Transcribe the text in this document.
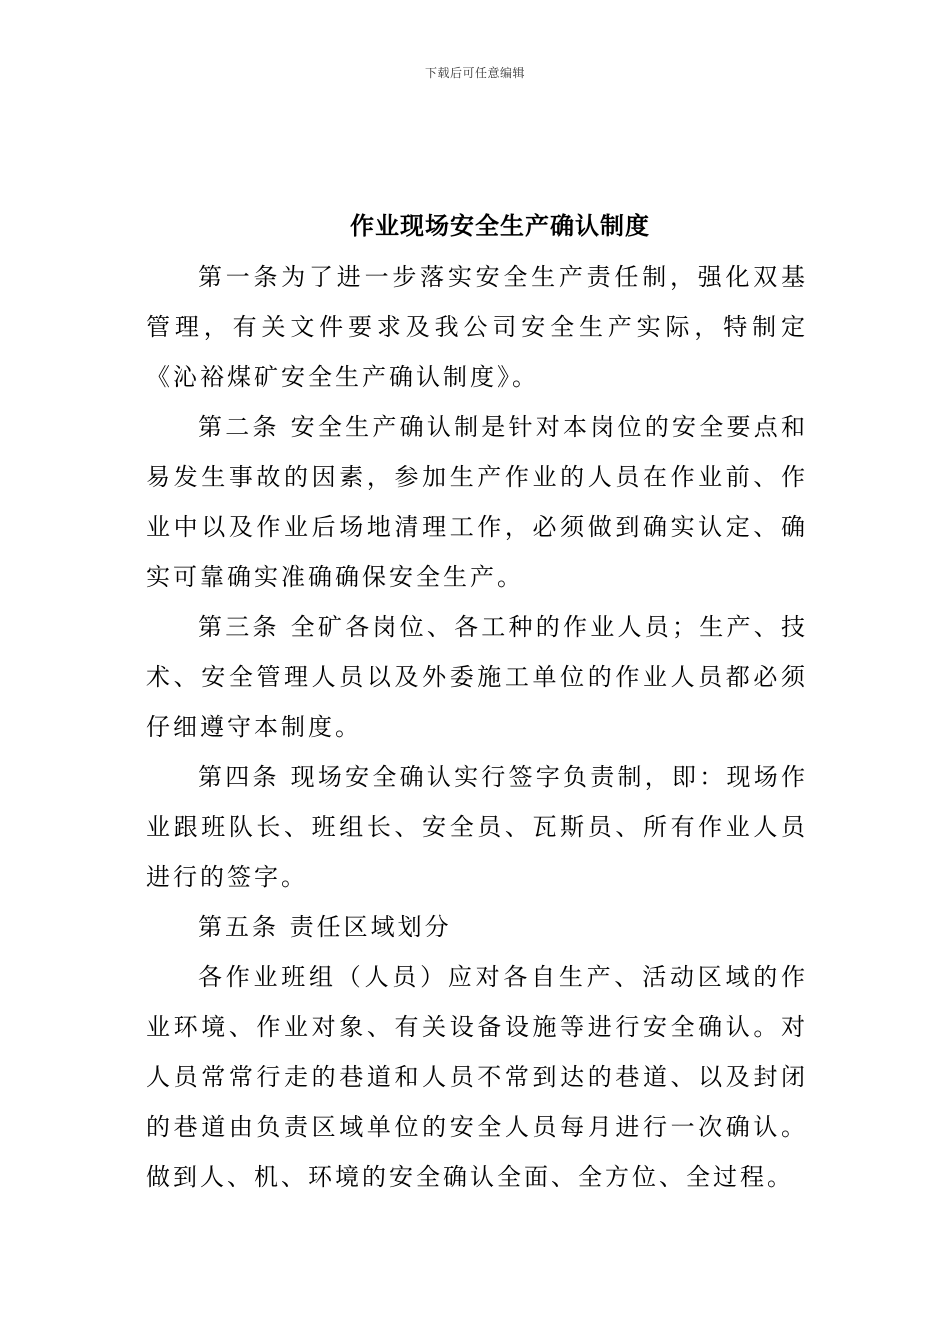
下载后可任意编辑
作业现场安全生产确认制度

第一条为了进一步落实安全生产责任制，强化双基管理，有关文件要求及我公司安全生产实际，特制定《沁裕煤矿安全生产确认制度》。

第二条 安全生产确认制是针对本岗位的安全要点和易发生事故的因素，参加生产作业的人员在作业前、作业中以及作业后场地清理工作，必须做到确实认定、确实可靠确实准确确保安全生产。

第三条 全矿各岗位、各工种的作业人员；生产、技术、安全管理人员以及外委施工单位的作业人员都必须仔细遵守本制度。

第四条 现场安全确认实行签字负责制，即：现场作业跟班队长、班组长、安全员、瓦斯员、所有作业人员进行的签字。

第五条 责任区域划分

各作业班组（人员）应对各自生产、活动区域的作业环境、作业对象、有关设备设施等进行安全确认。对人员常常行走的巷道和人员不常到达的巷道、以及封闭的巷道由负责区域单位的安全人员每月进行一次确认。做到人、机、环境的安全确认全面、全方位、全过程。
